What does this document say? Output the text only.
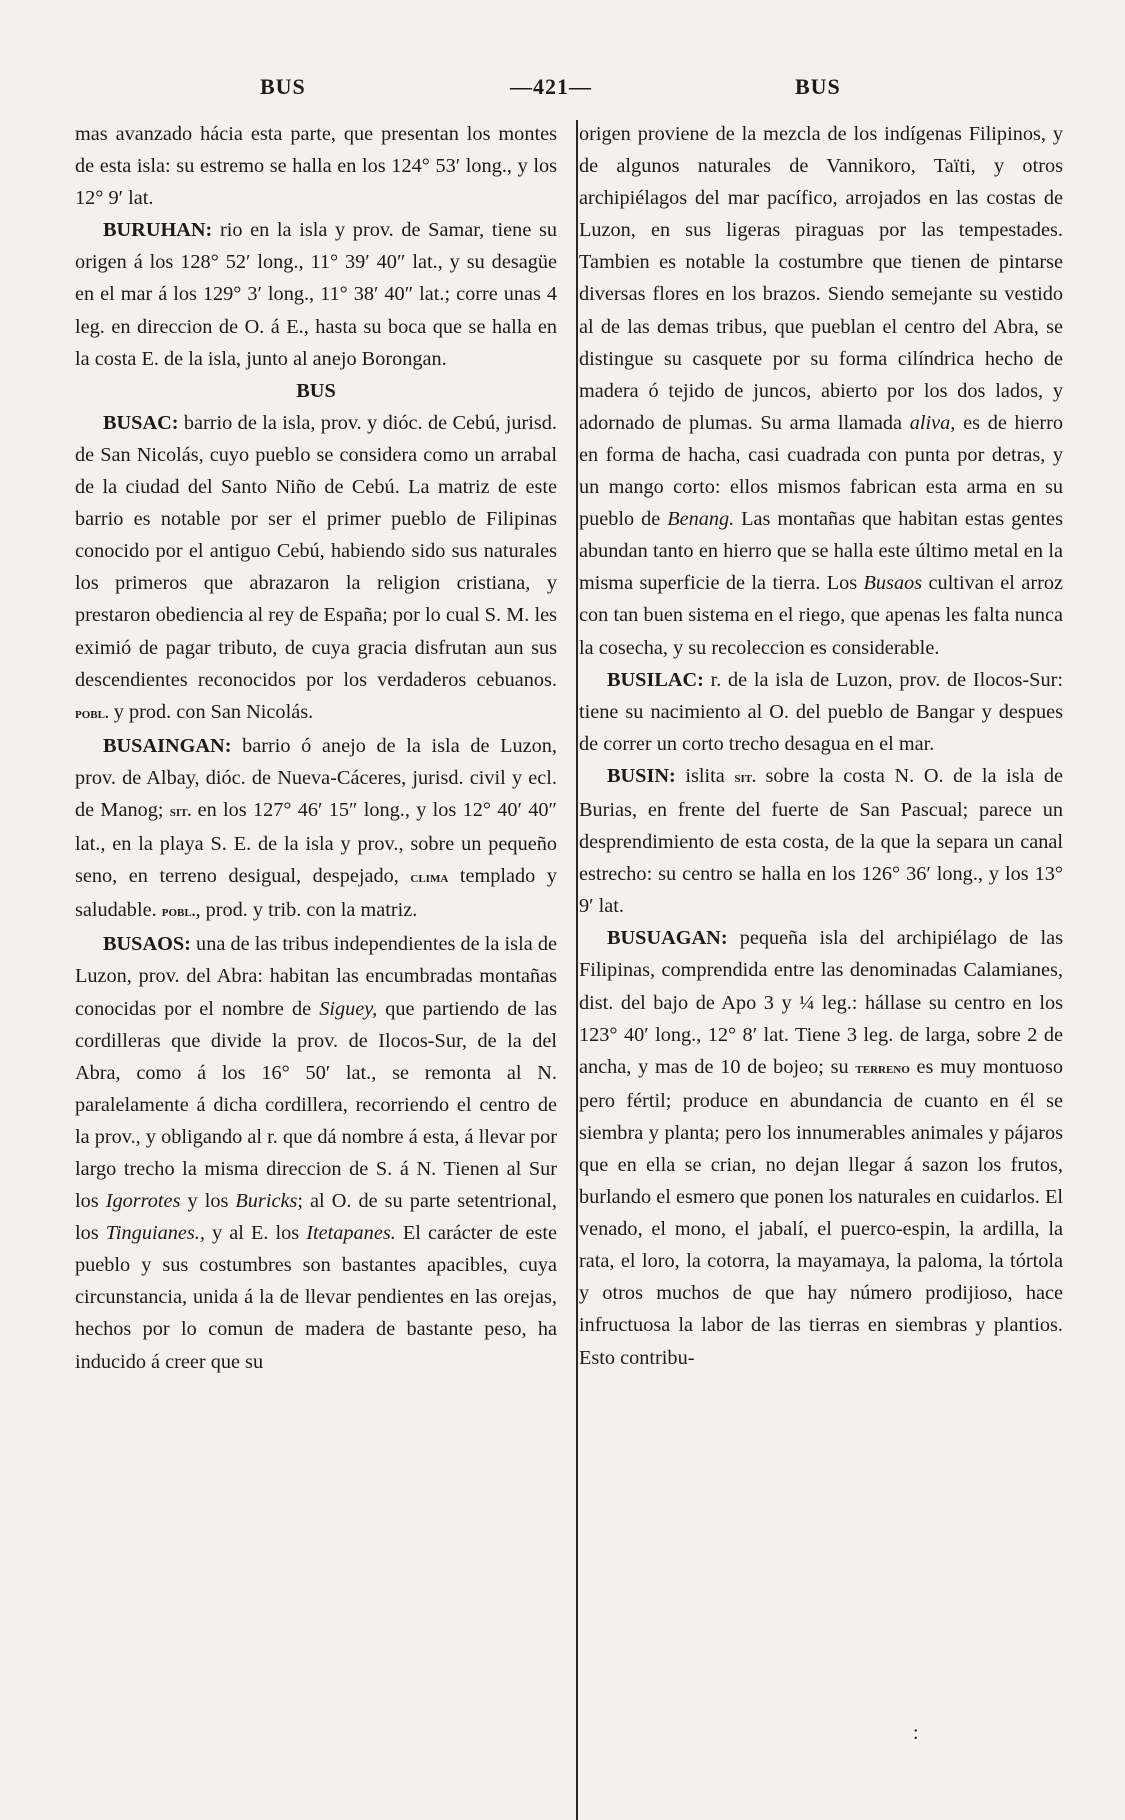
BUS	—421—	BUS

mas avanzado hácia esta parte, que presentan los montes de esta isla: su estremo se halla en los 124° 53′ long., y los 12° 9′ lat.

BURUHAN: rio en la isla y prov. de Samar, tiene su origen á los 128° 52′ long., 11° 39′ 40″ lat., y su desagüe en el mar á los 129° 3′ long., 11° 38′ 40″ lat.; corre unas 4 leg. en direccion de O. á E., hasta su boca que se halla en la costa E. de la isla, junto al anejo Borongan.

BUS

BUSAC: barrio de la isla, prov. y dióc. de Cebú, jurisd. de San Nicolás, cuyo pueblo se considera como un arrabal de la ciudad del Santo Niño de Cebú. La matriz de este barrio es notable por ser el primer pueblo de Filipinas conocido por el antiguo Cebú, habiendo sido sus naturales los primeros que abrazaron la religion cristiana, y prestaron obediencia al rey de España; por lo cual S. M. les eximió de pagar tributo, de cuya gracia disfrutan aun sus descendientes reconocidos por los verdaderos cebuanos. pobl. y prod. con San Nicolás.

BUSAINGAN: barrio ó anejo de la isla de Luzon, prov. de Albay, dióc. de Nueva-Cáceres, jurisd. civil y ecl. de Manog; sit. en los 127° 46′ 15″ long., y los 12° 40′ 40″ lat., en la playa S. E. de la isla y prov., sobre un pequeño seno, en terreno desigual, despejado, clima templado y saludable. pobl., prod. y trib. con la matriz.

BUSAOS: una de las tribus independientes de la isla de Luzon, prov. del Abra: habitan las encumbradas montañas conocidas por el nombre de Siguey, que partiendo de las cordilleras que divide la prov. de Ilocos-Sur, de la del Abra, como á los 16° 50′ lat., se remonta al N. paralelamente á dicha cordillera, recorriendo el centro de la prov., y obligando al r. que dá nombre á esta, á llevar por largo trecho la misma direccion de S. á N. Tienen al Sur los Igorrotes y los Buricks; al O. de su parte setentrional, los Tinguianes., y al E. los Itetapanes. El carácter de este pueblo y sus costumbres son bastantes apacibles, cuya circunstancia, unida á la de llevar pendientes en las orejas, hechos por lo comun de madera de bastante peso, ha inducido á creer que su

origen proviene de la mezcla de los indígenas Filipinos, y de algunos naturales de Vannikoro, Taïti, y otros archipiélagos del mar pacífico, arrojados en las costas de Luzon, en sus ligeras piraguas por las tempestades. Tambien es notable la costumbre que tienen de pintarse diversas flores en los brazos. Siendo semejante su vestido al de las demas tribus, que pueblan el centro del Abra, se distingue su casquete por su forma cilíndrica hecho de madera ó tejido de juncos, abierto por los dos lados, y adornado de plumas. Su arma llamada aliva, es de hierro en forma de hacha, casi cuadrada con punta por detras, y un mango corto: ellos mismos fabrican esta arma en su pueblo de Benang. Las montañas que habitan estas gentes abundan tanto en hierro que se halla este último metal en la misma superficie de la tierra. Los Busaos cultivan el arroz con tan buen sistema en el riego, que apenas les falta nunca la cosecha, y su recoleccion es considerable.

BUSILAC: r. de la isla de Luzon, prov. de Ilocos-Sur: tiene su nacimiento al O. del pueblo de Bangar y despues de correr un corto trecho desagua en el mar.

BUSIN: islita sit. sobre la costa N. O. de la isla de Burias, en frente del fuerte de San Pascual; parece un desprendimiento de esta costa, de la que la separa un canal estrecho: su centro se halla en los 126° 36′ long., y los 13° 9′ lat.

BUSUAGAN: pequeña isla del archipiélago de las Filipinas, comprendida entre las denominadas Calamianes, dist. del bajo de Apo 3 y ¼ leg.: hállase su centro en los 123° 40′ long., 12° 8′ lat. Tiene 3 leg. de larga, sobre 2 de ancha, y mas de 10 de bojeo; su terreno es muy montuoso pero fértil; produce en abundancia de cuanto en él se siembra y planta; pero los innumerables animales y pájaros que en ella se crian, no dejan llegar á sazon los frutos, burlando el esmero que ponen los naturales en cuidarlos. El venado, el mono, el jabalí, el puerco-espin, la ardilla, la rata, el loro, la cotorra, la mayamaya, la paloma, la tórtola y otros muchos de que hay número prodijioso, hace infructuosa la labor de las tierras en siembras y plantios. Esto contribu-

:
